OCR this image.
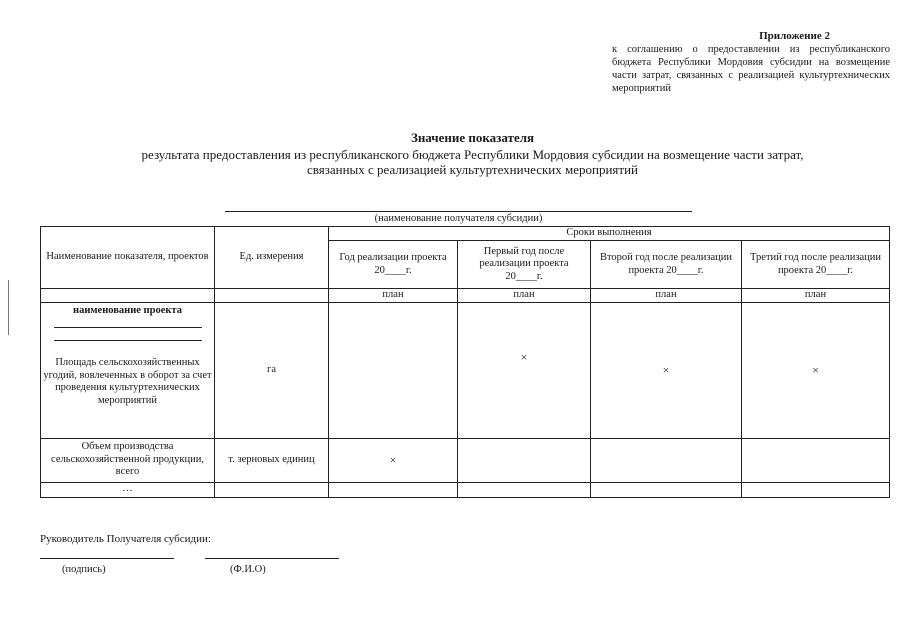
Приложение 2
к соглашению о предоставлении из республиканского бюджета Республики Мордовия субсидии на возмещение части затрат, связанных с реализацией культуртехнических мероприятий
Значение показателя
результата предоставления из республиканского бюджета Республики Мордовия субсидии на возмещение части затрат,
связанных с реализацией культуртехнических мероприятий
(наименование получателя субсидии)
Наименование показателя, проектов	Ед. измерения	Сроки выполнения			
		Год реализации проекта 20____г.	Первый год после реализации проекта 20____г.	Второй год после реализации проекта 20____г.	Третий год после реализации проекта 20____г.
		план	план	план	план
наименование проекта
Площадь сельскохозяйственных угодий, вовлеченных в оборот за счет проведения культуртехнических мероприятий	га		×	×	×
Объем производства сельскохозяйственной продукции, всего	т. зерновых единиц	×			
…					
Руководитель Получателя субсидии:
(подпись)	(Ф.И.О)
